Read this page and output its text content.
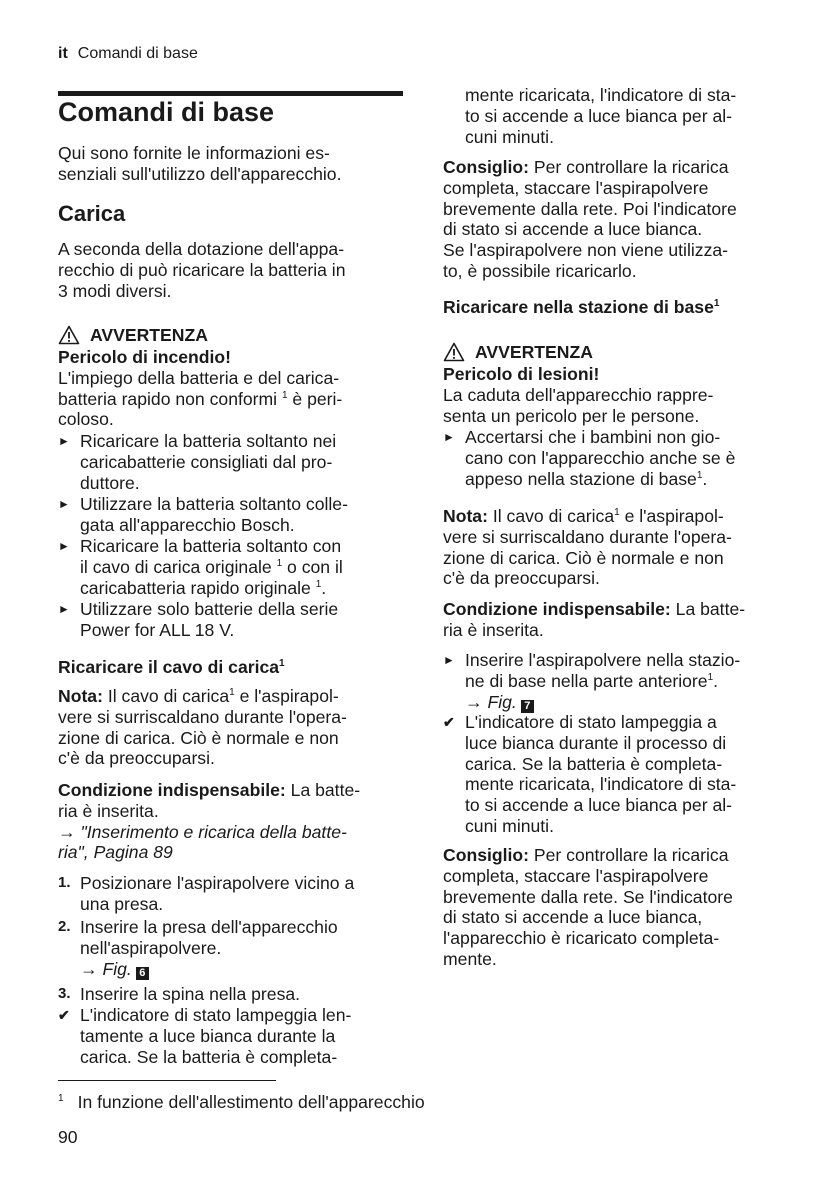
it Comandi di base
Comandi di base
Qui sono fornite le informazioni es-
senziali sull'utilizzo dell'apparecchio.
Carica
A seconda della dotazione dell'appa-
recchio di può ricaricare la batteria in
3 modi diversi.
AVVERTENZA
Pericolo di incendio!
L'impiego della batteria e del carica-
batteria rapido non conformi $^1$ è peri-
coloso.
► Ricaricare la batteria soltanto nei
caricabatterie consigliati dal pro-
duttore.
► Utilizzare la batteria soltanto colle-
gata all'apparecchio Bosch.
► Ricaricare la batteria soltanto con
il cavo di carica originale $^1$ o con il
caricabatteria rapido originale $^1$.
► Utilizzare solo batterie della serie
Power for ALL 18 V.
Ricaricare il cavo di carica$^1$
Nota: Il cavo di carica$^1$ e l'aspirapol-
vere si surriscaldano durante l'opera-
zione di carica. Ciò è normale e non
c'è da preoccuparsi.
Condizione indispensabile: La batte-
ria è inserita.
→ "Inserimento e ricarica della batte-
ria", Pagina 89
1. Posizionare l'aspirapolvere vicino a
una presa.
2. Inserire la presa dell'apparecchio
nell'aspirapolvere.
→ Fig. 6
3. Inserire la spina nella presa.
✔ L'indicatore di stato lampeggia len-
tamente a luce bianca durante la
carica. Se la batteria è completa-
mente ricaricata, l'indicatore di sta-
to si accende a luce bianca per al-
cuni minuti.
Consiglio: Per controllare la ricarica
completa, staccare l'aspirapolvere
brevemente dalla rete. Poi l'indicatore
di stato si accende a luce bianca.
Se l'aspirapolvere non viene utilizza-
to, è possibile ricaricarlo.
Ricaricare nella stazione di base$^1$
AVVERTENZA
Pericolo di lesioni!
La caduta dell'apparecchio rappre-
senta un pericolo per le persone.
► Accertarsi che i bambini non gio-
cano con l'apparecchio anche se è
appeso nella stazione di base$^1$.
Nota: Il cavo di carica$^1$ e l'aspirapol-
vere si surriscaldano durante l'opera-
zione di carica. Ciò è normale e non
c'è da preoccuparsi.
Condizione indispensabile: La batte-
ria è inserita.
► Inserire l'aspirapolvere nella stazio-
ne di base nella parte anteriore$^1$.
→ Fig. 7
✔ L'indicatore di stato lampeggia a
luce bianca durante il processo di
carica. Se la batteria è completa-
mente ricaricata, l'indicatore di sta-
to si accende a luce bianca per al-
cuni minuti.
Consiglio: Per controllare la ricarica
completa, staccare l'aspirapolvere
brevemente dalla rete. Se l'indicatore
di stato si accende a luce bianca,
l'apparecchio è ricaricato completa-
mente.
$^1$ In funzione dell'allestimento dell'apparecchio
90
